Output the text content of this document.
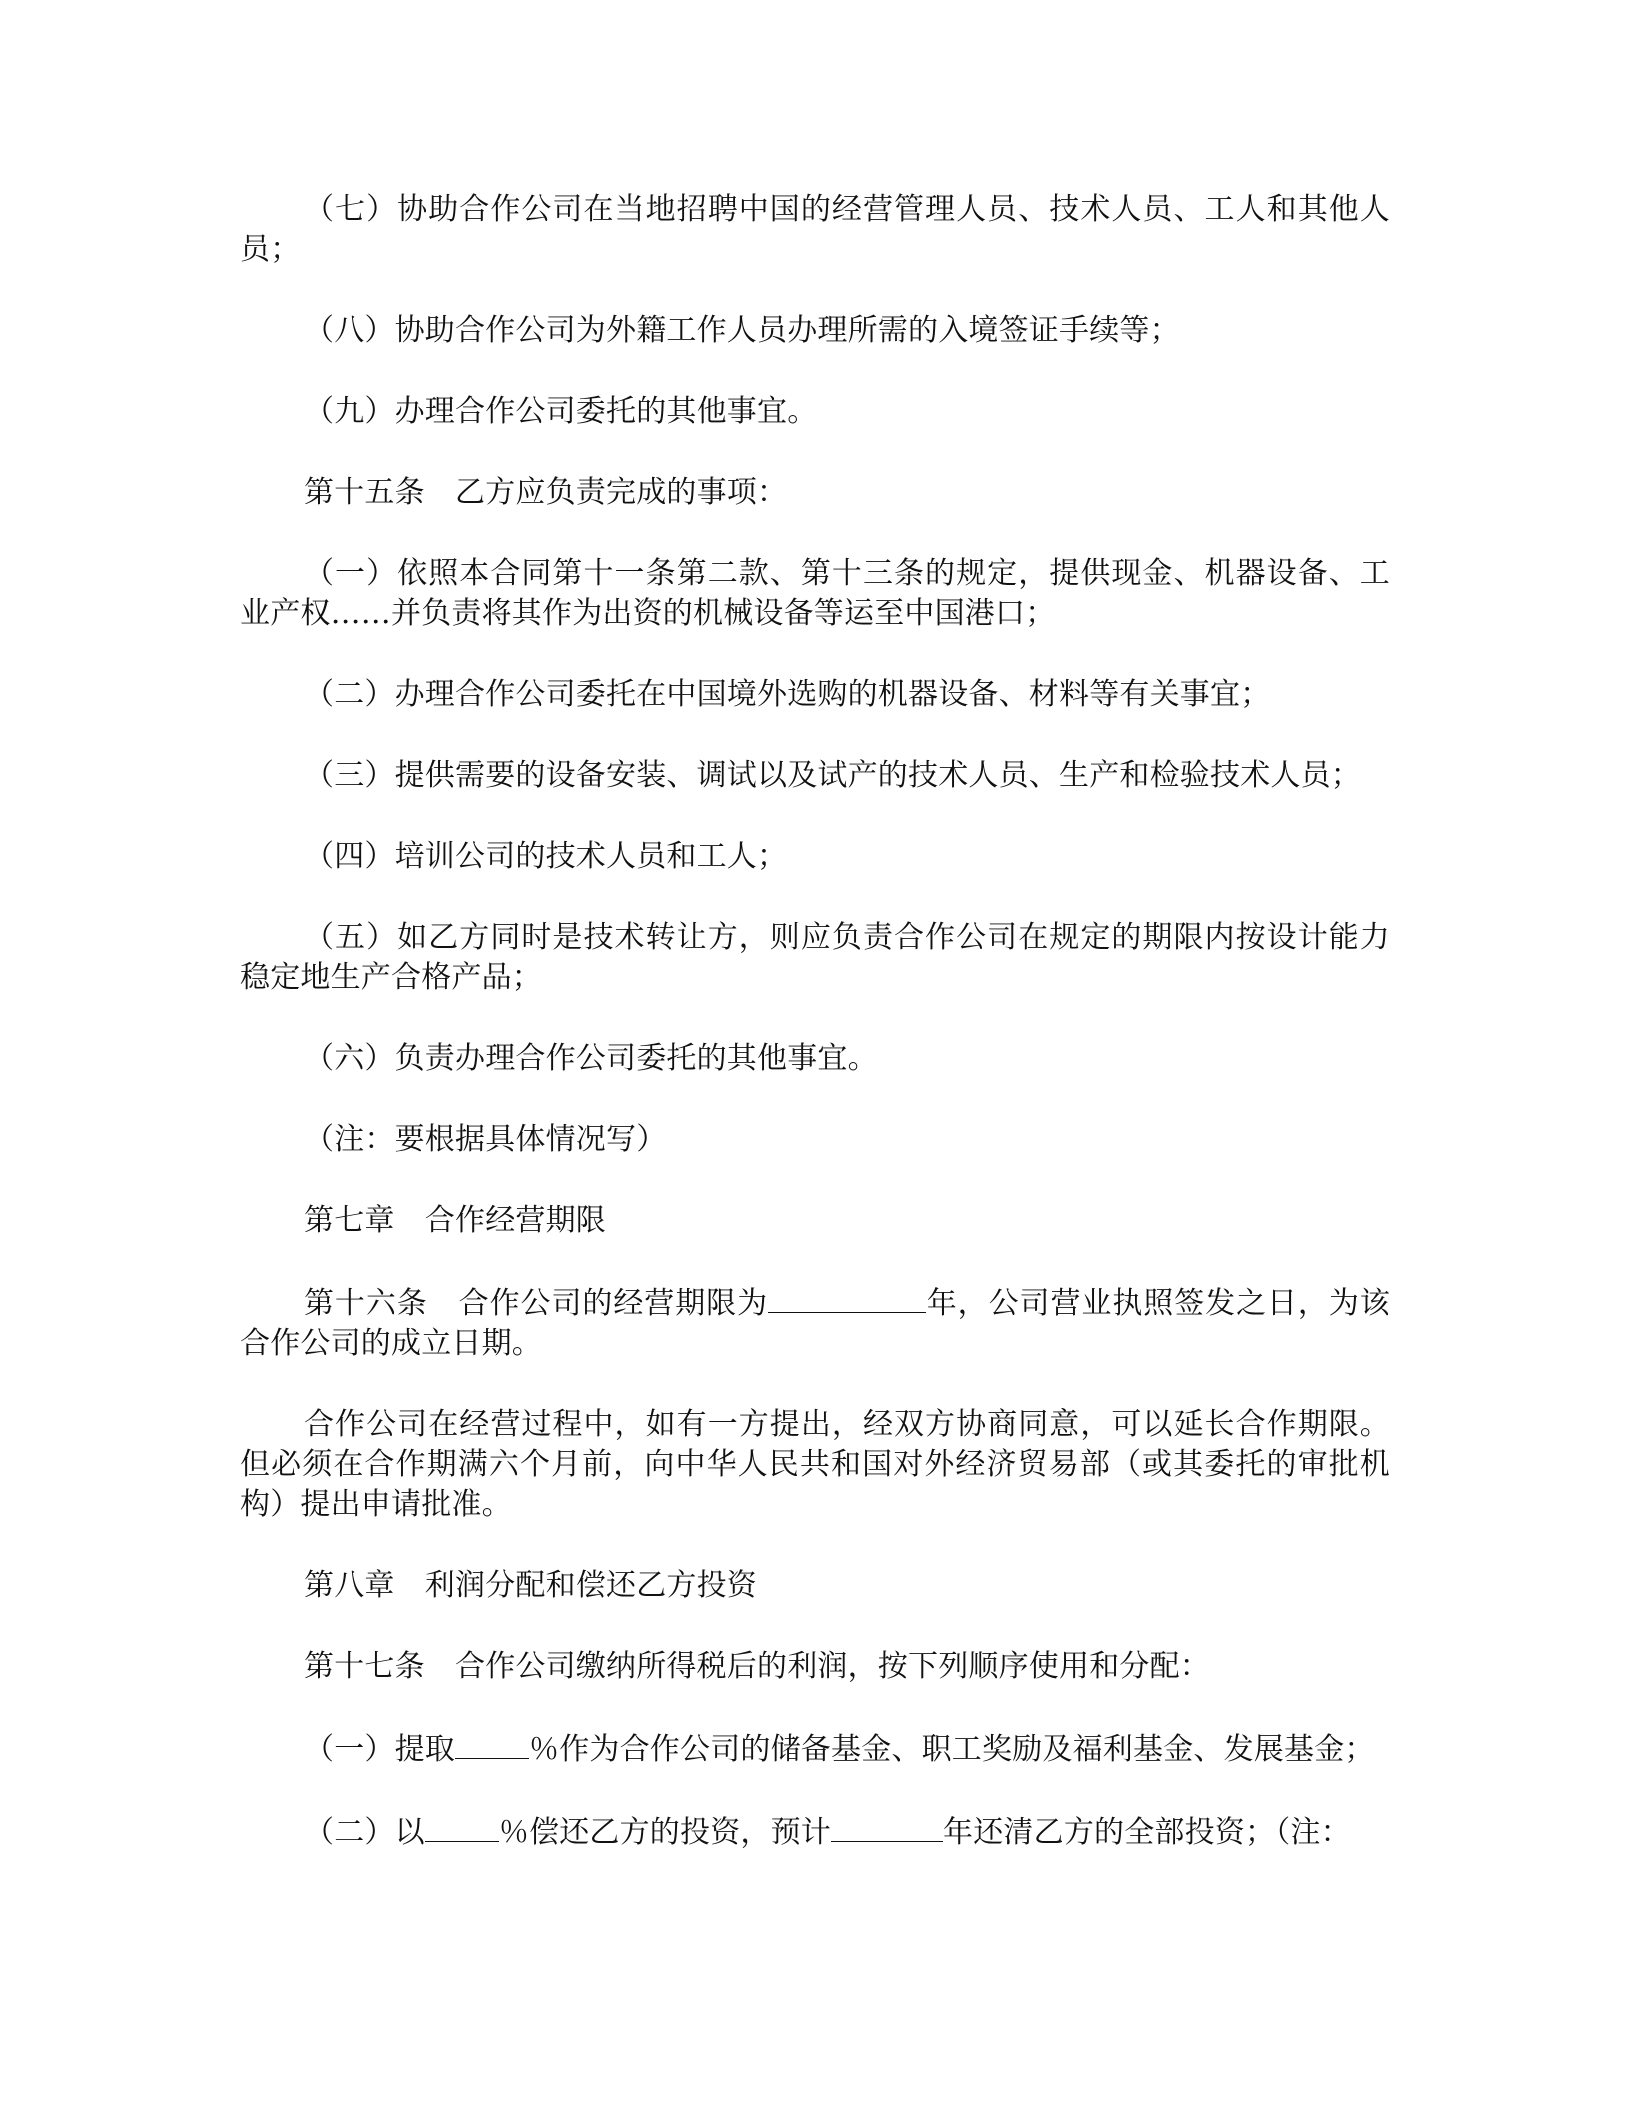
（七）协助合作公司在当地招聘中国的经营管理人员、技术人员、工人和其他人员；

（八）协助合作公司为外籍工作人员办理所需的入境签证手续等；

（九）办理合作公司委托的其他事宜。

第十五条　乙方应负责完成的事项：

（一）依照本合同第十一条第二款、第十三条的规定，提供现金、机器设备、工业产权……并负责将其作为出资的机械设备等运至中国港口；

（二）办理合作公司委托在中国境外选购的机器设备、材料等有关事宜；

（三）提供需要的设备安装、调试以及试产的技术人员、生产和检验技术人员；

（四）培训公司的技术人员和工人；

（五）如乙方同时是技术转让方，则应负责合作公司在规定的期限内按设计能力稳定地生产合格产品；

（六）负责办理合作公司委托的其他事宜。

（注：要根据具体情况写）

第七章　合作经营期限

第十六条　合作公司的经营期限为	年，公司营业执照签发之日，为该合作公司的成立日期。

合作公司在经营过程中，如有一方提出，经双方协商同意，可以延长合作期限。但必须在合作期满六个月前，向中华人民共和国对外经济贸易部（或其委托的审批机构）提出申请批准。

第八章　利润分配和偿还乙方投资

第十七条　合作公司缴纳所得税后的利润，按下列顺序使用和分配：

（一）提取 ％作为合作公司的储备基金、职工奖励及福利基金、发展基金；

（二）以 ％偿还乙方的投资，预计	年还清乙方的全部投资；（注：
